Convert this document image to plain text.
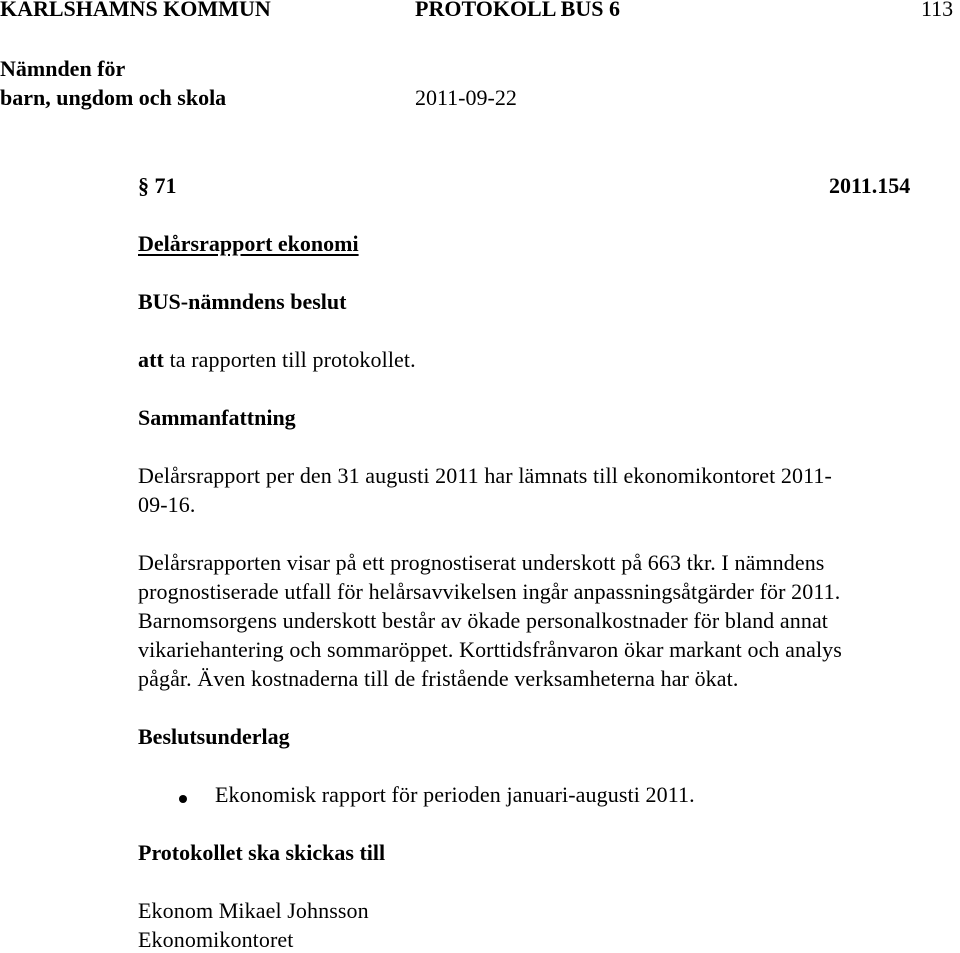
KARLSHAMNS KOMMUN	PROTOKOLL BUS 6	113
Nämnden för
barn, ungdom och skola	2011-09-22
§ 71	2011.154
Delårsrapport ekonomi
BUS-nämndens beslut
att ta rapporten till protokollet.
Sammanfattning
Delårsrapport per den 31 augusti 2011 har lämnats till ekonomikontoret 2011-
09-16.
Delårsrapporten visar på ett prognostiserat underskott på 663 tkr. I nämndens
prognostiserade utfall för helårsavvikelsen ingår anpassningsåtgärder för 2011.
Barnomsorgens underskott består av ökade personalkostnader för bland annat
vikariehantering och sommaröppet. Korttidsfrånvaron ökar markant och analys
pågår. Även kostnaderna till de fristående verksamheterna har ökat.
Beslutsunderlag
Ekonomisk rapport för perioden januari-augusti 2011.
Protokollet ska skickas till
Ekonom Mikael Johnsson
Ekonomikontoret
